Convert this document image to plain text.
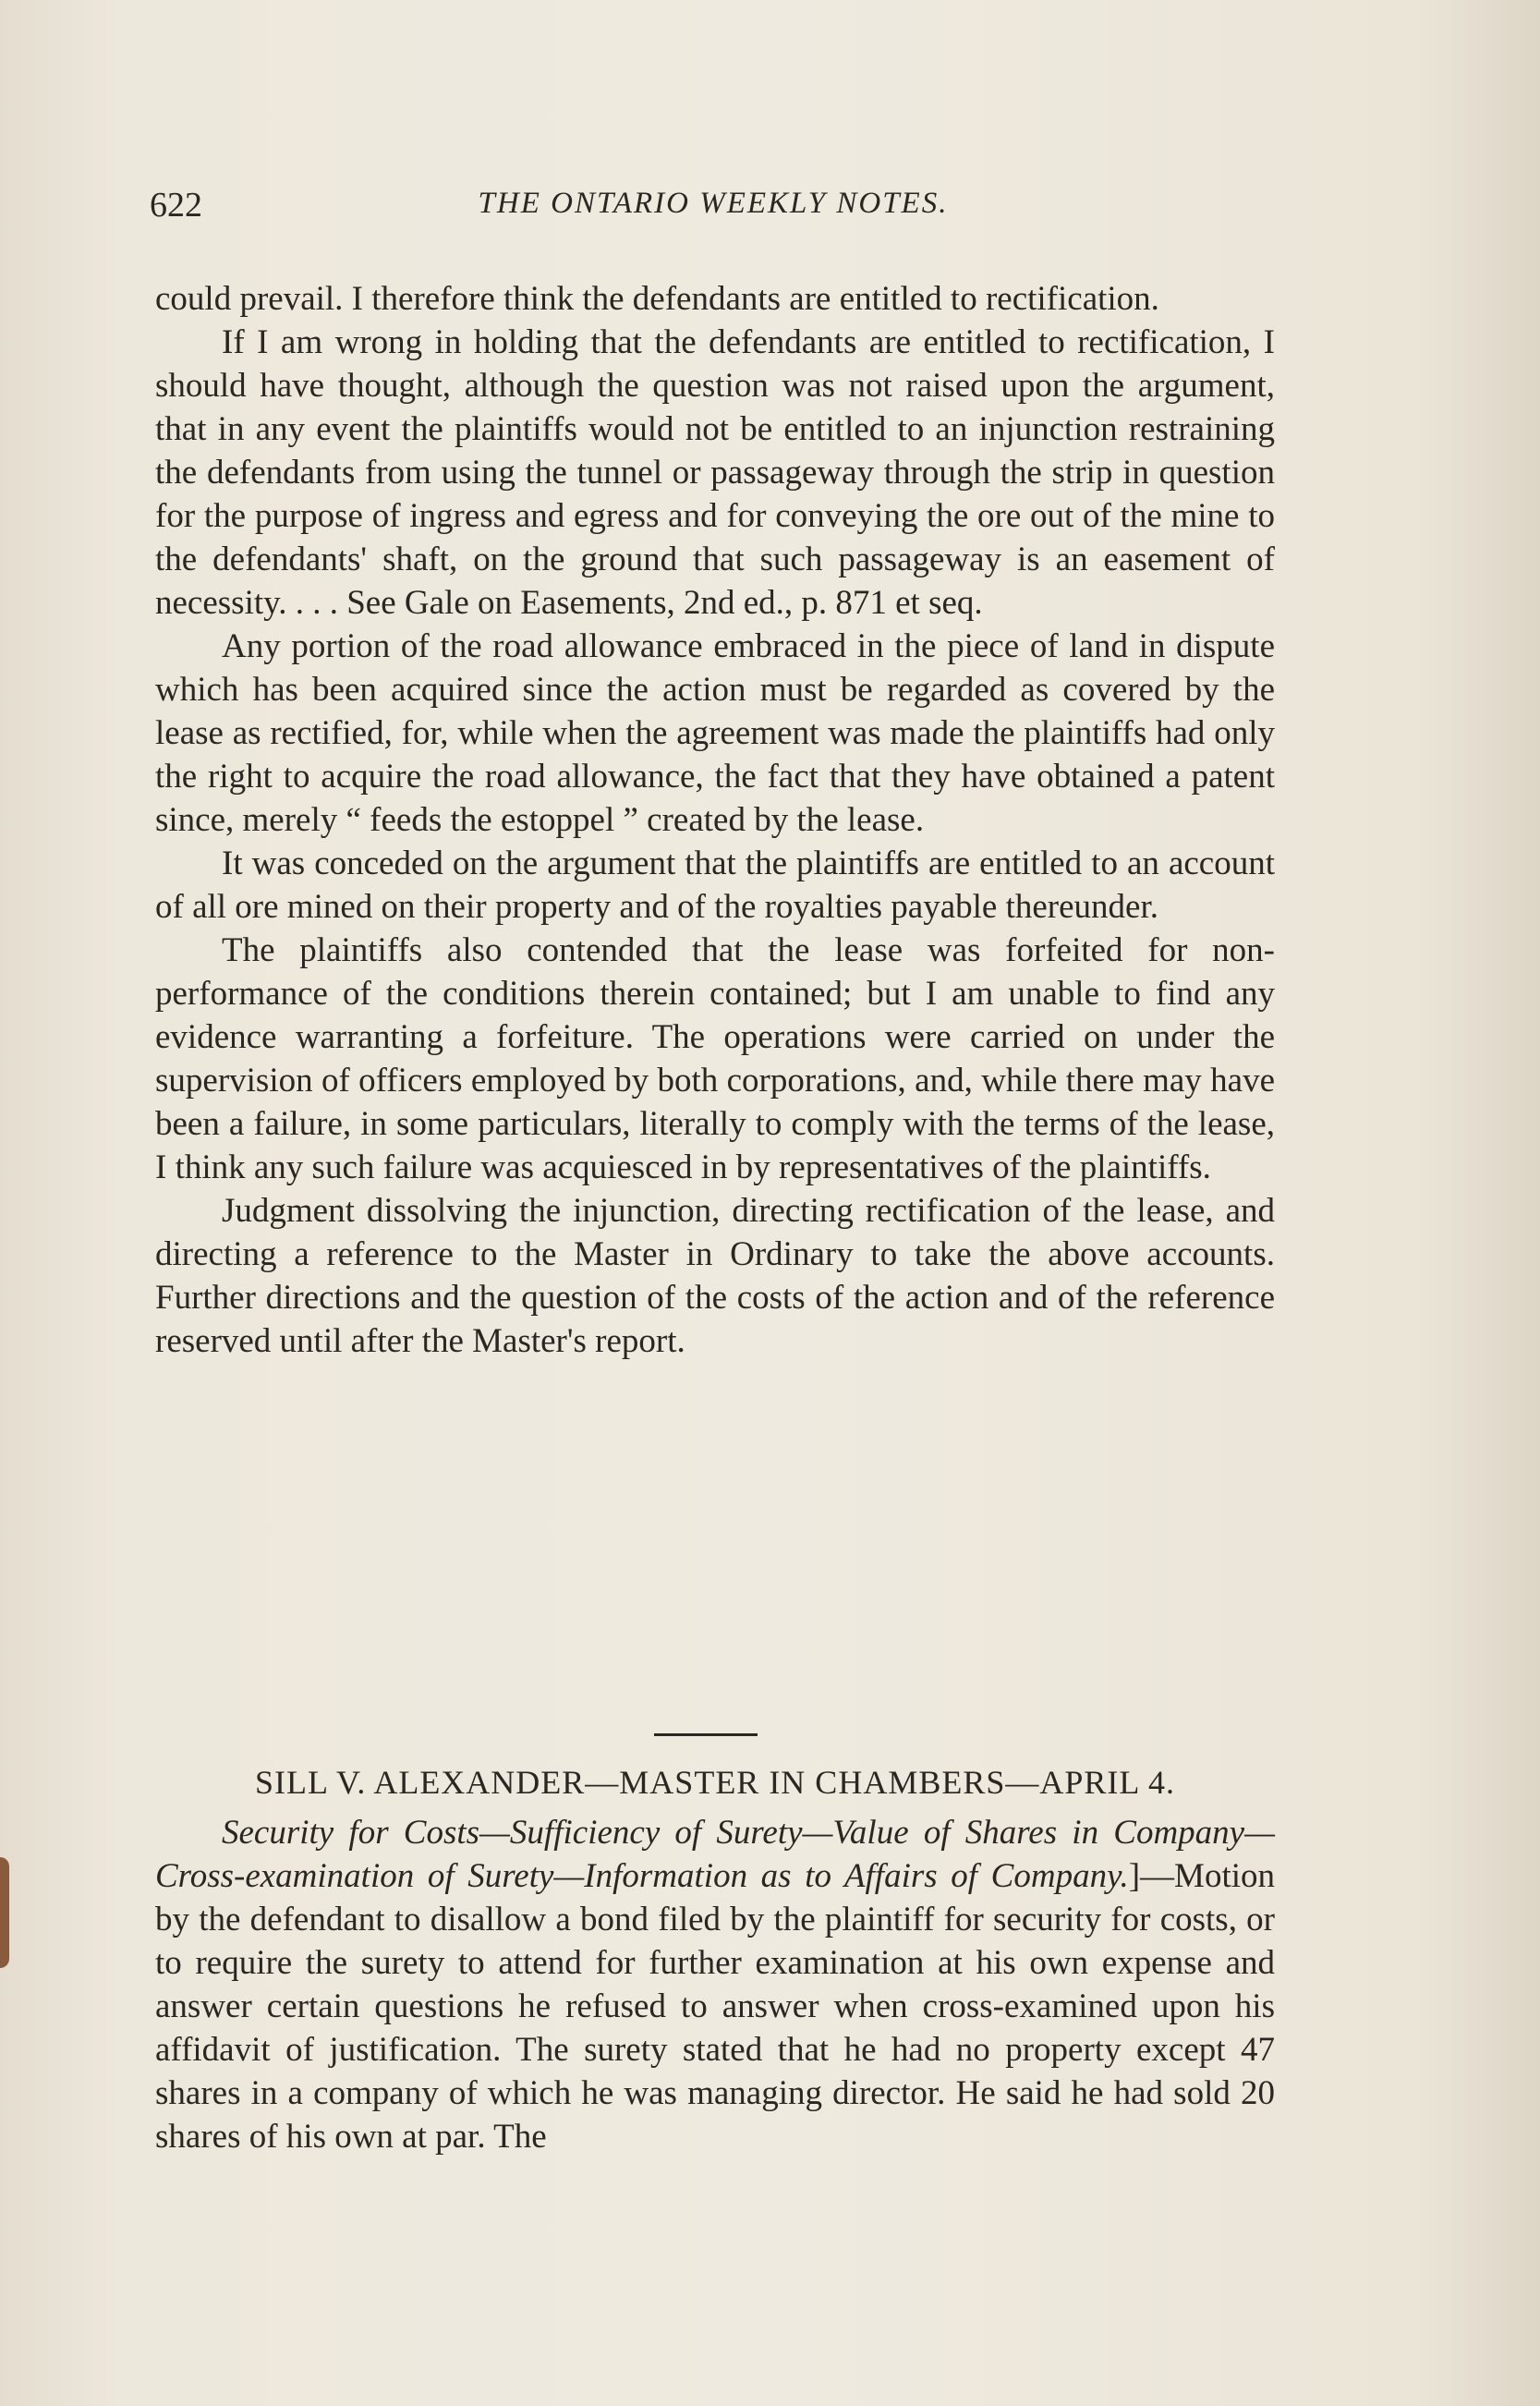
622	THE ONTARIO WEEKLY NOTES.

could prevail. I therefore think the defendants are entitled to rectification.

If I am wrong in holding that the defendants are entitled to rectification, I should have thought, although the question was not raised upon the argument, that in any event the plaintiffs would not be entitled to an injunction restraining the defendants from using the tunnel or passageway through the strip in question for the purpose of ingress and egress and for conveying the ore out of the mine to the defendants' shaft, on the ground that such passageway is an easement of necessity. . . . See Gale on Easements, 2nd ed., p. 871 et seq.

Any portion of the road allowance embraced in the piece of land in dispute which has been acquired since the action must be regarded as covered by the lease as rectified, for, while when the agreement was made the plaintiffs had only the right to acquire the road allowance, the fact that they have obtained a patent since, merely “ feeds the estoppel ” created by the lease.

It was conceded on the argument that the plaintiffs are entitled to an account of all ore mined on their property and of the royalties payable thereunder.

The plaintiffs also contended that the lease was forfeited for non-performance of the conditions therein contained; but I am unable to find any evidence warranting a forfeiture. The operations were carried on under the supervision of officers employed by both corporations, and, while there may have been a failure, in some particulars, literally to comply with the terms of the lease, I think any such failure was acquiesced in by representatives of the plaintiffs.

Judgment dissolving the injunction, directing rectification of the lease, and directing a reference to the Master in Ordinary to take the above accounts. Further directions and the question of the costs of the action and of the reference reserved until after the Master's report.

SILL V. ALEXANDER—MASTER IN CHAMBERS—APRIL 4.

Security for Costs—Sufficiency of Surety—Value of Shares in Company—Cross-examination of Surety—Information as to Affairs of Company.]—Motion by the defendant to disallow a bond filed by the plaintiff for security for costs, or to require the surety to attend for further examination at his own expense and answer certain questions he refused to answer when cross-examined upon his affidavit of justification. The surety stated that he had no property except 47 shares in a company of which he was managing director. He said he had sold 20 shares of his own at par. The
